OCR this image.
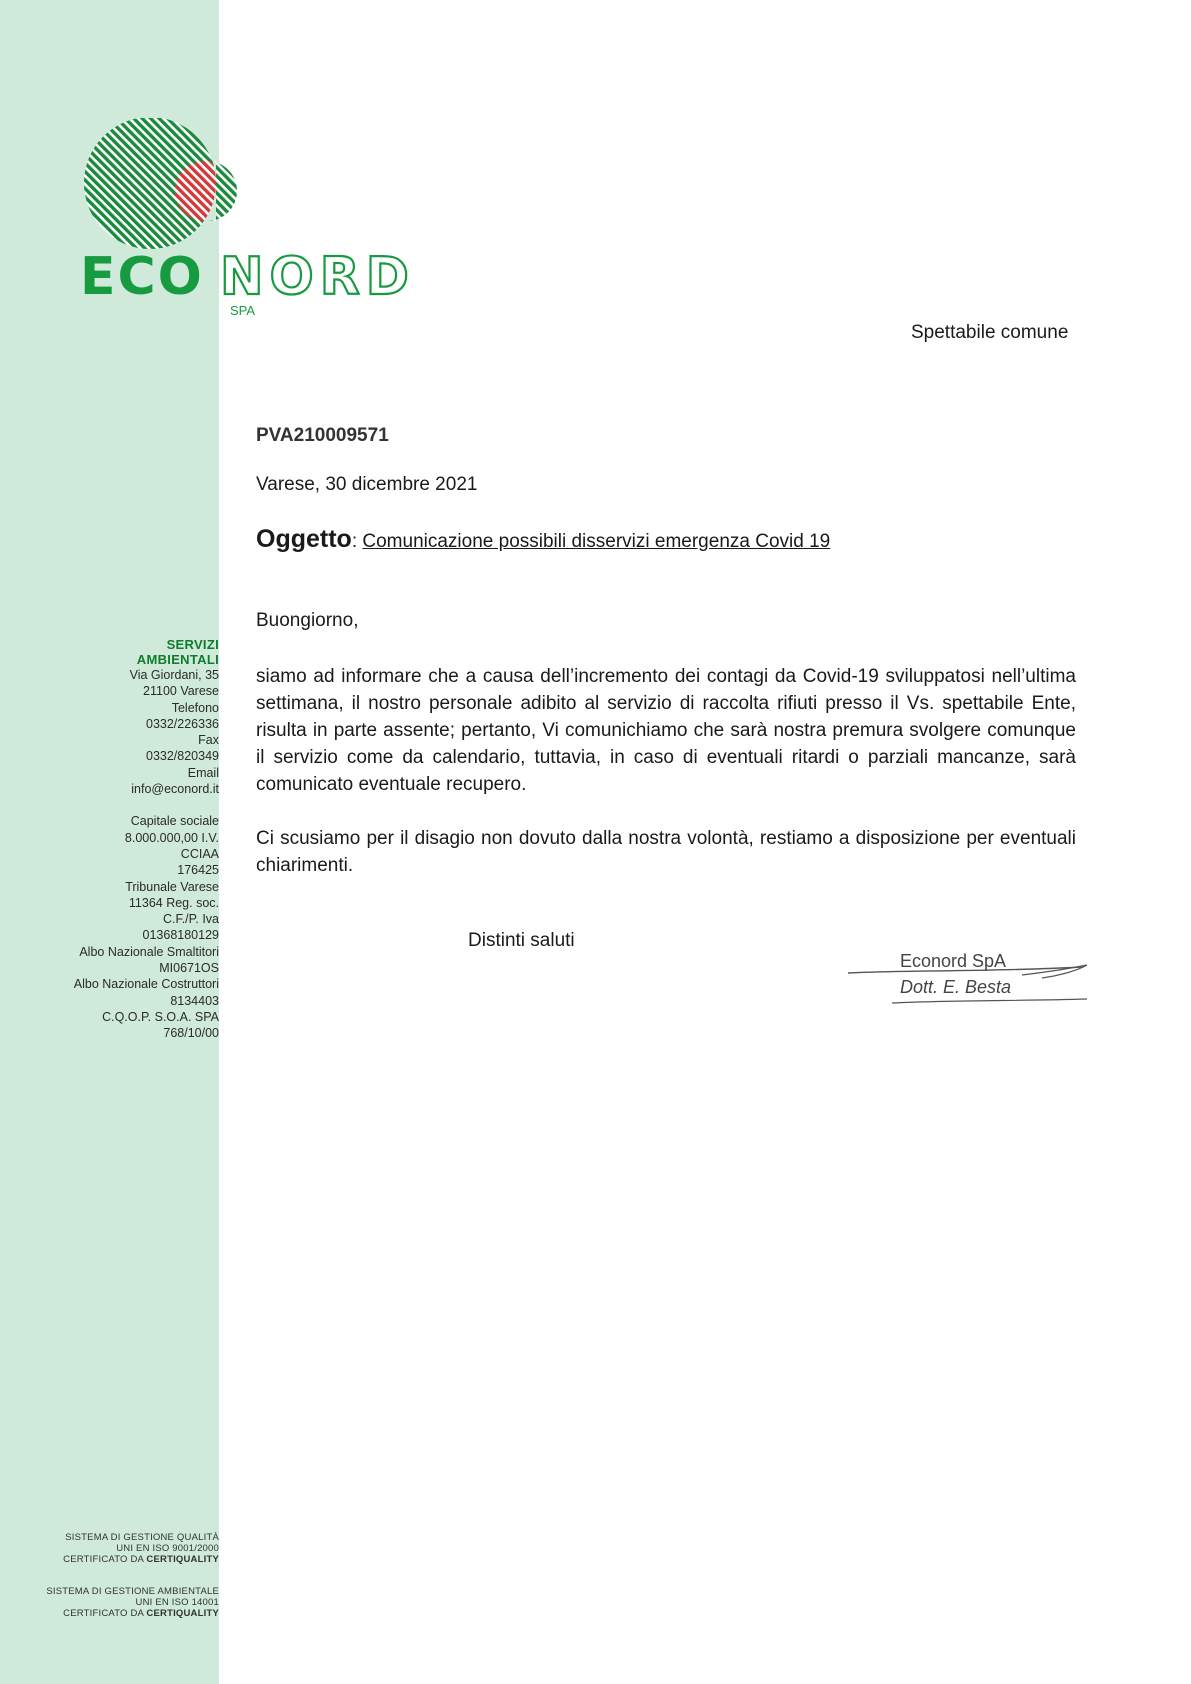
ECO NORD
SPA
SERVIZI
AMBIENTALI
Via Giordani, 35
21100 Varese
Telefono
0332/226336
Fax
0332/820349
Email
info@econord.it
Capitale sociale
8.000.000,00 I.V.
CCIAA
176425
Tribunale Varese
11364 Reg. soc.
C.F./P. Iva
01368180129
Albo Nazionale Smaltitori
MI0671OS
Albo Nazionale Costruttori
8134403
C.Q.O.P. S.O.A. SPA
768/10/00
SISTEMA DI GESTIONE QUALITÀ
UNI EN ISO 9001/2000
CERTIFICATO DA CERTIQUALITY
SISTEMA DI GESTIONE AMBIENTALE
UNI EN ISO 14001
CERTIFICATO DA CERTIQUALITY
Spettabile comune
PVA210009571
Varese, 30 dicembre 2021
Oggetto: Comunicazione possibili disservizi emergenza Covid 19
Buongiorno,
siamo ad informare che a causa dell’incremento dei contagi da Covid-19 sviluppatosi nell’ultima settimana, il nostro personale adibito al servizio di raccolta rifiuti presso il Vs. spettabile Ente, risulta in parte assente; pertanto, Vi comunichiamo che sarà nostra premura svolgere comunque il servizio come da calendario, tuttavia, in caso di eventuali ritardi o parziali mancanze, sarà comunicato eventuale recupero.
Ci scusiamo per il disagio non dovuto dalla nostra volontà, restiamo a disposizione per eventuali chiarimenti.
Distinti saluti
Econord SpA
Dott. E. Besta
